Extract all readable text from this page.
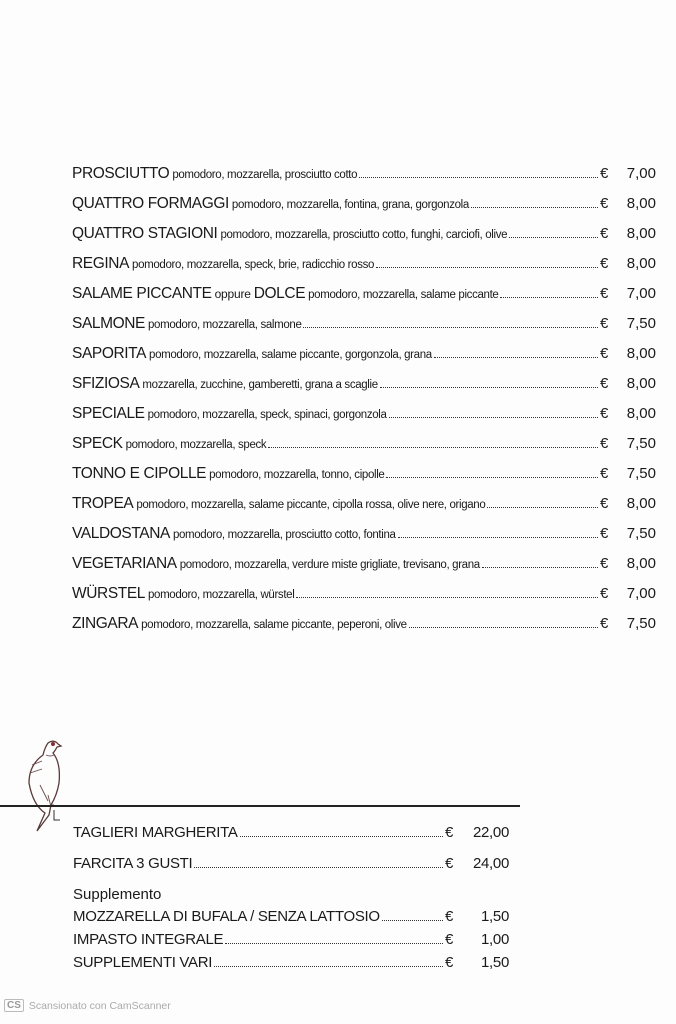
PROSCIUTTO pomodoro, mozzarella, prosciutto cotto	€	7,00
QUATTRO FORMAGGI pomodoro, mozzarella, fontina, grana, gorgonzola	€	8,00
QUATTRO STAGIONI pomodoro, mozzarella, prosciutto cotto, funghi, carciofi, olive	€	8,00
REGINA pomodoro, mozzarella, speck, brie, radicchio rosso	€	8,00
SALAME PICCANTE oppure DOLCE pomodoro, mozzarella, salame piccante	€	7,00
SALMONE pomodoro, mozzarella, salmone	€	7,50
SAPORITA pomodoro, mozzarella, salame piccante, gorgonzola, grana	€	8,00
SFIZIOSA mozzarella, zucchine, gamberetti, grana a scaglie	€	8,00
SPECIALE pomodoro, mozzarella, speck, spinaci, gorgonzola	€	8,00
SPECK pomodoro, mozzarella, speck	€	7,50
TONNO E CIPOLLE pomodoro, mozzarella, tonno, cipolle	€	7,50
TROPEA pomodoro, mozzarella, salame piccante, cipolla rossa, olive nere, origano	€	8,00
VALDOSTANA pomodoro, mozzarella, prosciutto cotto, fontina	€	7,50
VEGETARIANA pomodoro, mozzarella, verdure miste grigliate, trevisano, grana	€	8,00
WÜRSTEL pomodoro, mozzarella, würstel	€	7,00
ZINGARA pomodoro, mozzarella, salame piccante, peperoni, olive	€	7,50
TAGLIERI MARGHERITA	€	22,00
FARCITA 3 GUSTI	€	24,00
Supplemento
MOZZARELLA DI BUFALA / SENZA LATTOSIO	€	1,50
IMPASTO INTEGRALE	€	1,00
SUPPLEMENTI VARI	€	1,50
CS Scansionato con CamScanner
